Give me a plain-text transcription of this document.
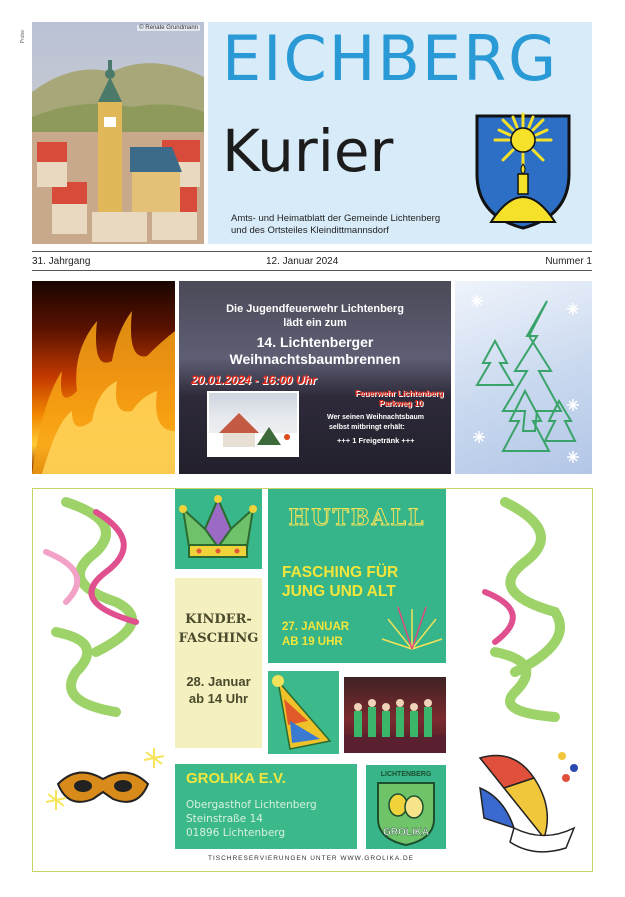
Probe
© Renate Grundmann EICHBERG
Kurier
Amts- und Heimatblatt der Gemeinde Lichtenberg
und des Ortsteiles Kleindittmannsdorf
31. Jahrgang	12. Januar 2024	Nummer 1
Die Jugendfeuerwehr Lichtenberg
lädt ein zum
14. Lichtenberger
Weihnachtsbaumbrennen
20.01.2024 - 16:00 Uhr
Feuerwehr Lichtenberg
Parkweg 10
Wer seinen Weihnachtsbaum
selbst mitbringt erhält:
+++ 1 Freigetränk +++
HUTBALL
FASCHING FÜR
JUNG UND ALT
27. JANUAR
AB 19 UHR
KINDER-
FASCHING
28. Januar
ab 14 Uhr
GROLIKA E.V.
Obergasthof Lichtenberg
Steinstraße 14
01896 Lichtenberg	GROLIKA
LICHTENBERG
TISCHRESERVIERUNGEN UNTER WWW.GROLIKA.DE
